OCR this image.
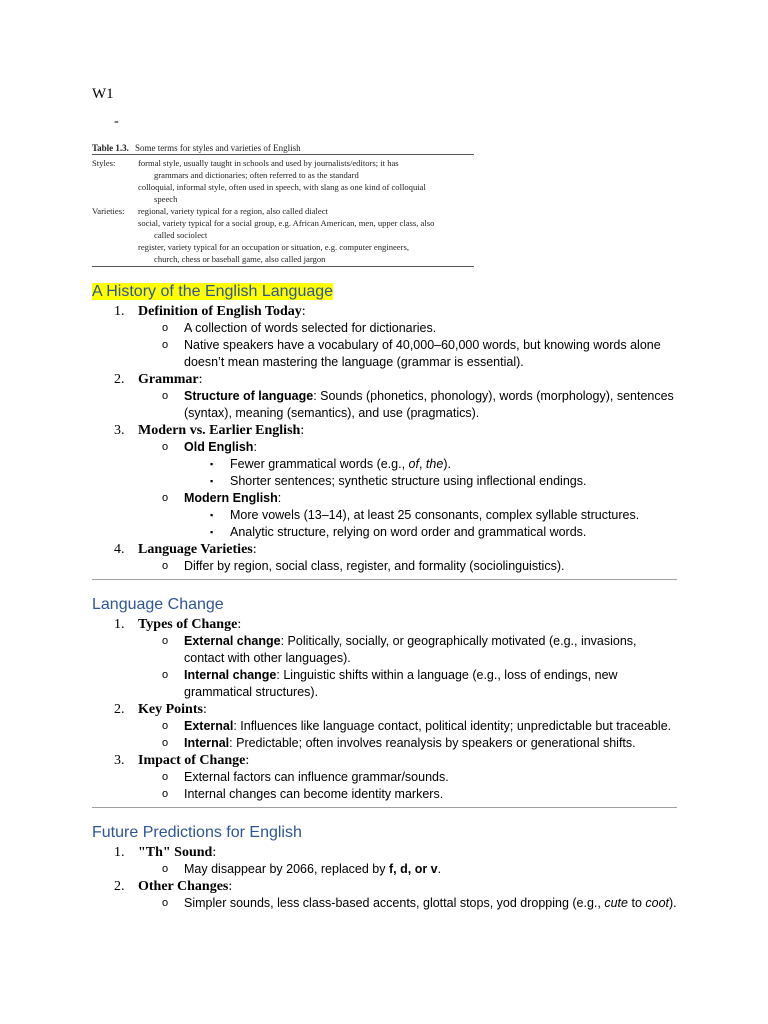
W1
-
Table 1.3. Some terms for styles and varieties of English
Styles:	formal style, usually taught in schools and used by journalists/editors; it has
grammars and dictionaries; often referred to as the standard
colloquial, informal style, often used in speech, with slang as one kind of colloquial
speech
Varieties: regional, variety typical for a region, also called dialect
social, variety typical for a social group, e.g. African American, men, upper class, also
called sociolect
register, variety typical for an occupation or situation, e.g. computer engineers,
church, chess or baseball game, also called jargon
A History of the English Language
1. Definition of English Today:
o A collection of words selected for dictionaries.
o Native speakers have a vocabulary of 40,000–60,000 words, but knowing words alone doesn’t mean mastering the language (grammar is essential).
2. Grammar:
o Structure of language: Sounds (phonetics, phonology), words (morphology), sentences (syntax), meaning (semantics), and use (pragmatics).
3. Modern vs. Earlier English:
o Old English:
▪ Fewer grammatical words (e.g., of, the).
▪ Shorter sentences; synthetic structure using inflectional endings.
o Modern English:
▪ More vowels (13–14), at least 25 consonants, complex syllable structures.
▪ Analytic structure, relying on word order and grammatical words.
4. Language Varieties:
o Differ by region, social class, register, and formality (sociolinguistics).
Language Change
1. Types of Change:
o External change: Politically, socially, or geographically motivated (e.g., invasions, contact with other languages).
o Internal change: Linguistic shifts within a language (e.g., loss of endings, new grammatical structures).
2. Key Points:
o External: Influences like language contact, political identity; unpredictable but traceable.
o Internal: Predictable; often involves reanalysis by speakers or generational shifts.
3. Impact of Change:
o External factors can influence grammar/sounds.
o Internal changes can become identity markers.
Future Predictions for English
1. "Th" Sound:
o May disappear by 2066, replaced by f, d, or v.
2. Other Changes:
o Simpler sounds, less class-based accents, glottal stops, yod dropping (e.g., cute to coot).
